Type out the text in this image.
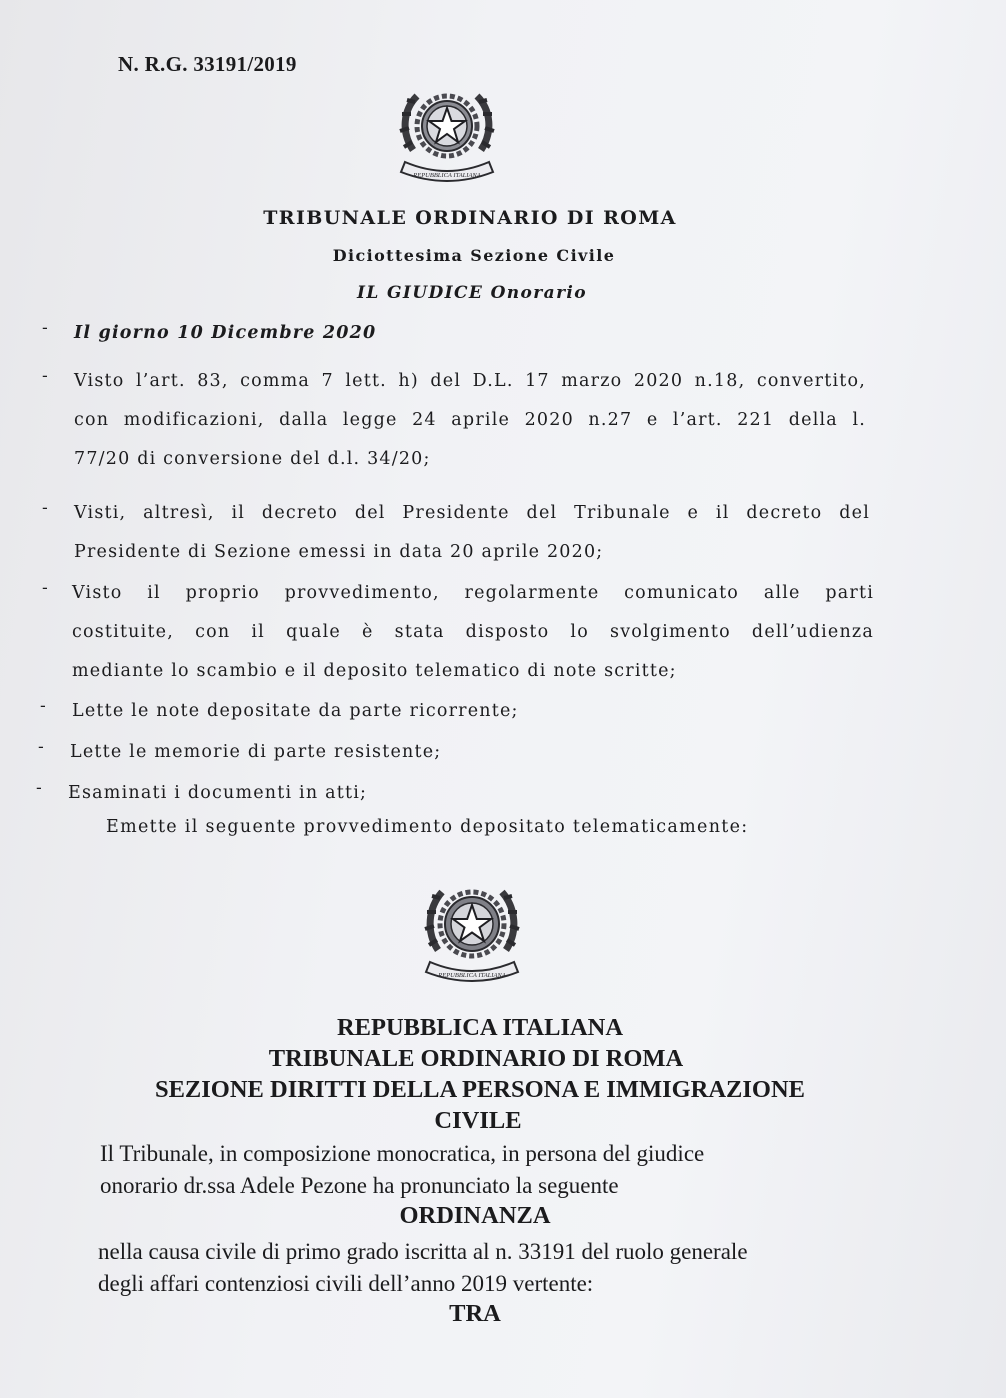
N. R.G. 33191/2019
REPUBBLICA ITALIANA
TRIBUNALE ORDINARIO DI ROMA
Diciottesima Sezione Civile
IL GIUDICE Onorario
- Il giorno 10 Dicembre 2020
- Visto l’art. 83, comma 7 lett. h) del D.L. 17 marzo 2020 n.18, convertito,
con modificazioni, dalla legge 24 aprile 2020 n.27 e l’art. 221 della l.
77/20 di conversione del d.l. 34/20;
- Visti, altresì, il decreto del Presidente del Tribunale e il decreto del
Presidente di Sezione emessi in data 20 aprile 2020;
- Visto il proprio provvedimento, regolarmente comunicato alle parti
costituite, con il quale è stata disposto lo svolgimento dell’udienza
mediante lo scambio e il deposito telematico di note scritte;
- Lette le note depositate da parte ricorrente;
- Lette le memorie di parte resistente;
- Esaminati i documenti in atti;
Emette il seguente provvedimento depositato telematicamente:
REPUBBLICA ITALIANA
REPUBBLICA ITALIANA
TRIBUNALE ORDINARIO DI ROMA
SEZIONE DIRITTI DELLA PERSONA E IMMIGRAZIONE
CIVILE
Il Tribunale, in composizione monocratica, in persona del giudice
onorario dr.ssa Adele Pezone ha pronunciato la seguente
ORDINANZA
nella causa civile di primo grado iscritta al n. 33191 del ruolo generale
degli affari contenziosi civili dell’anno 2019 vertente:
TRA
